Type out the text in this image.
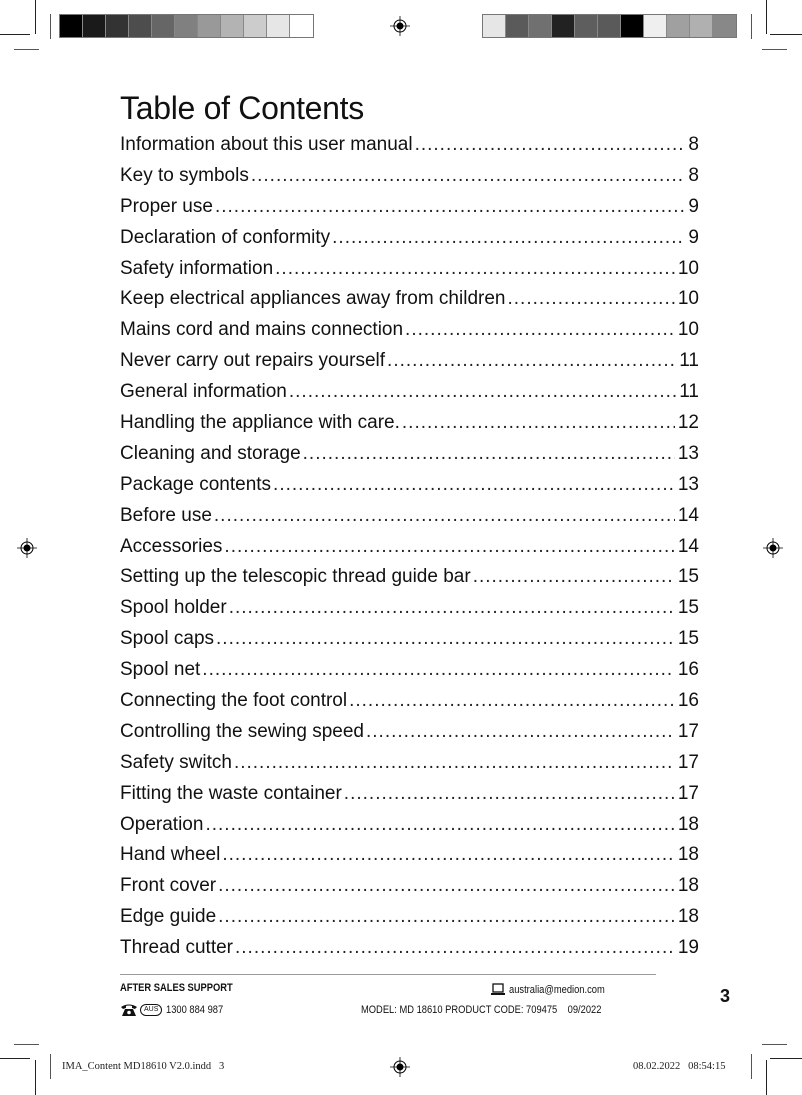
Table of Contents
Information about this user manual .....	8
Key to symbols .....	8
Proper use .....	9
Declaration of conformity .....	9
Safety information .....	10
Keep electrical appliances away from children .....	10
Mains cord and mains connection .....	10
Never carry out repairs yourself .....	11
General information .....	11
Handling the appliance with care. .....	12
Cleaning and storage .....	13
Package contents .....	13
Before use .....	14
Accessories .....	14
Setting up the telescopic thread guide bar .....	15
Spool holder .....	15
Spool caps .....	15
Spool net .....	16
Connecting the foot control .....	16
Controlling the sewing speed .....	17
Safety switch .....	17
Fitting the waste container .....	17
Operation .....	18
Hand wheel .....	18
Front cover .....	18
Edge guide .....	18
Thread cutter .....	19
AFTER SALES SUPPORT	australia@medion.com
AUS 1300 884 987	MODEL: MD 18610 PRODUCT CODE: 709475    09/2022
3
IMA_Content MD18610 V2.0.indd   3	08.02.2022   08:54:15
